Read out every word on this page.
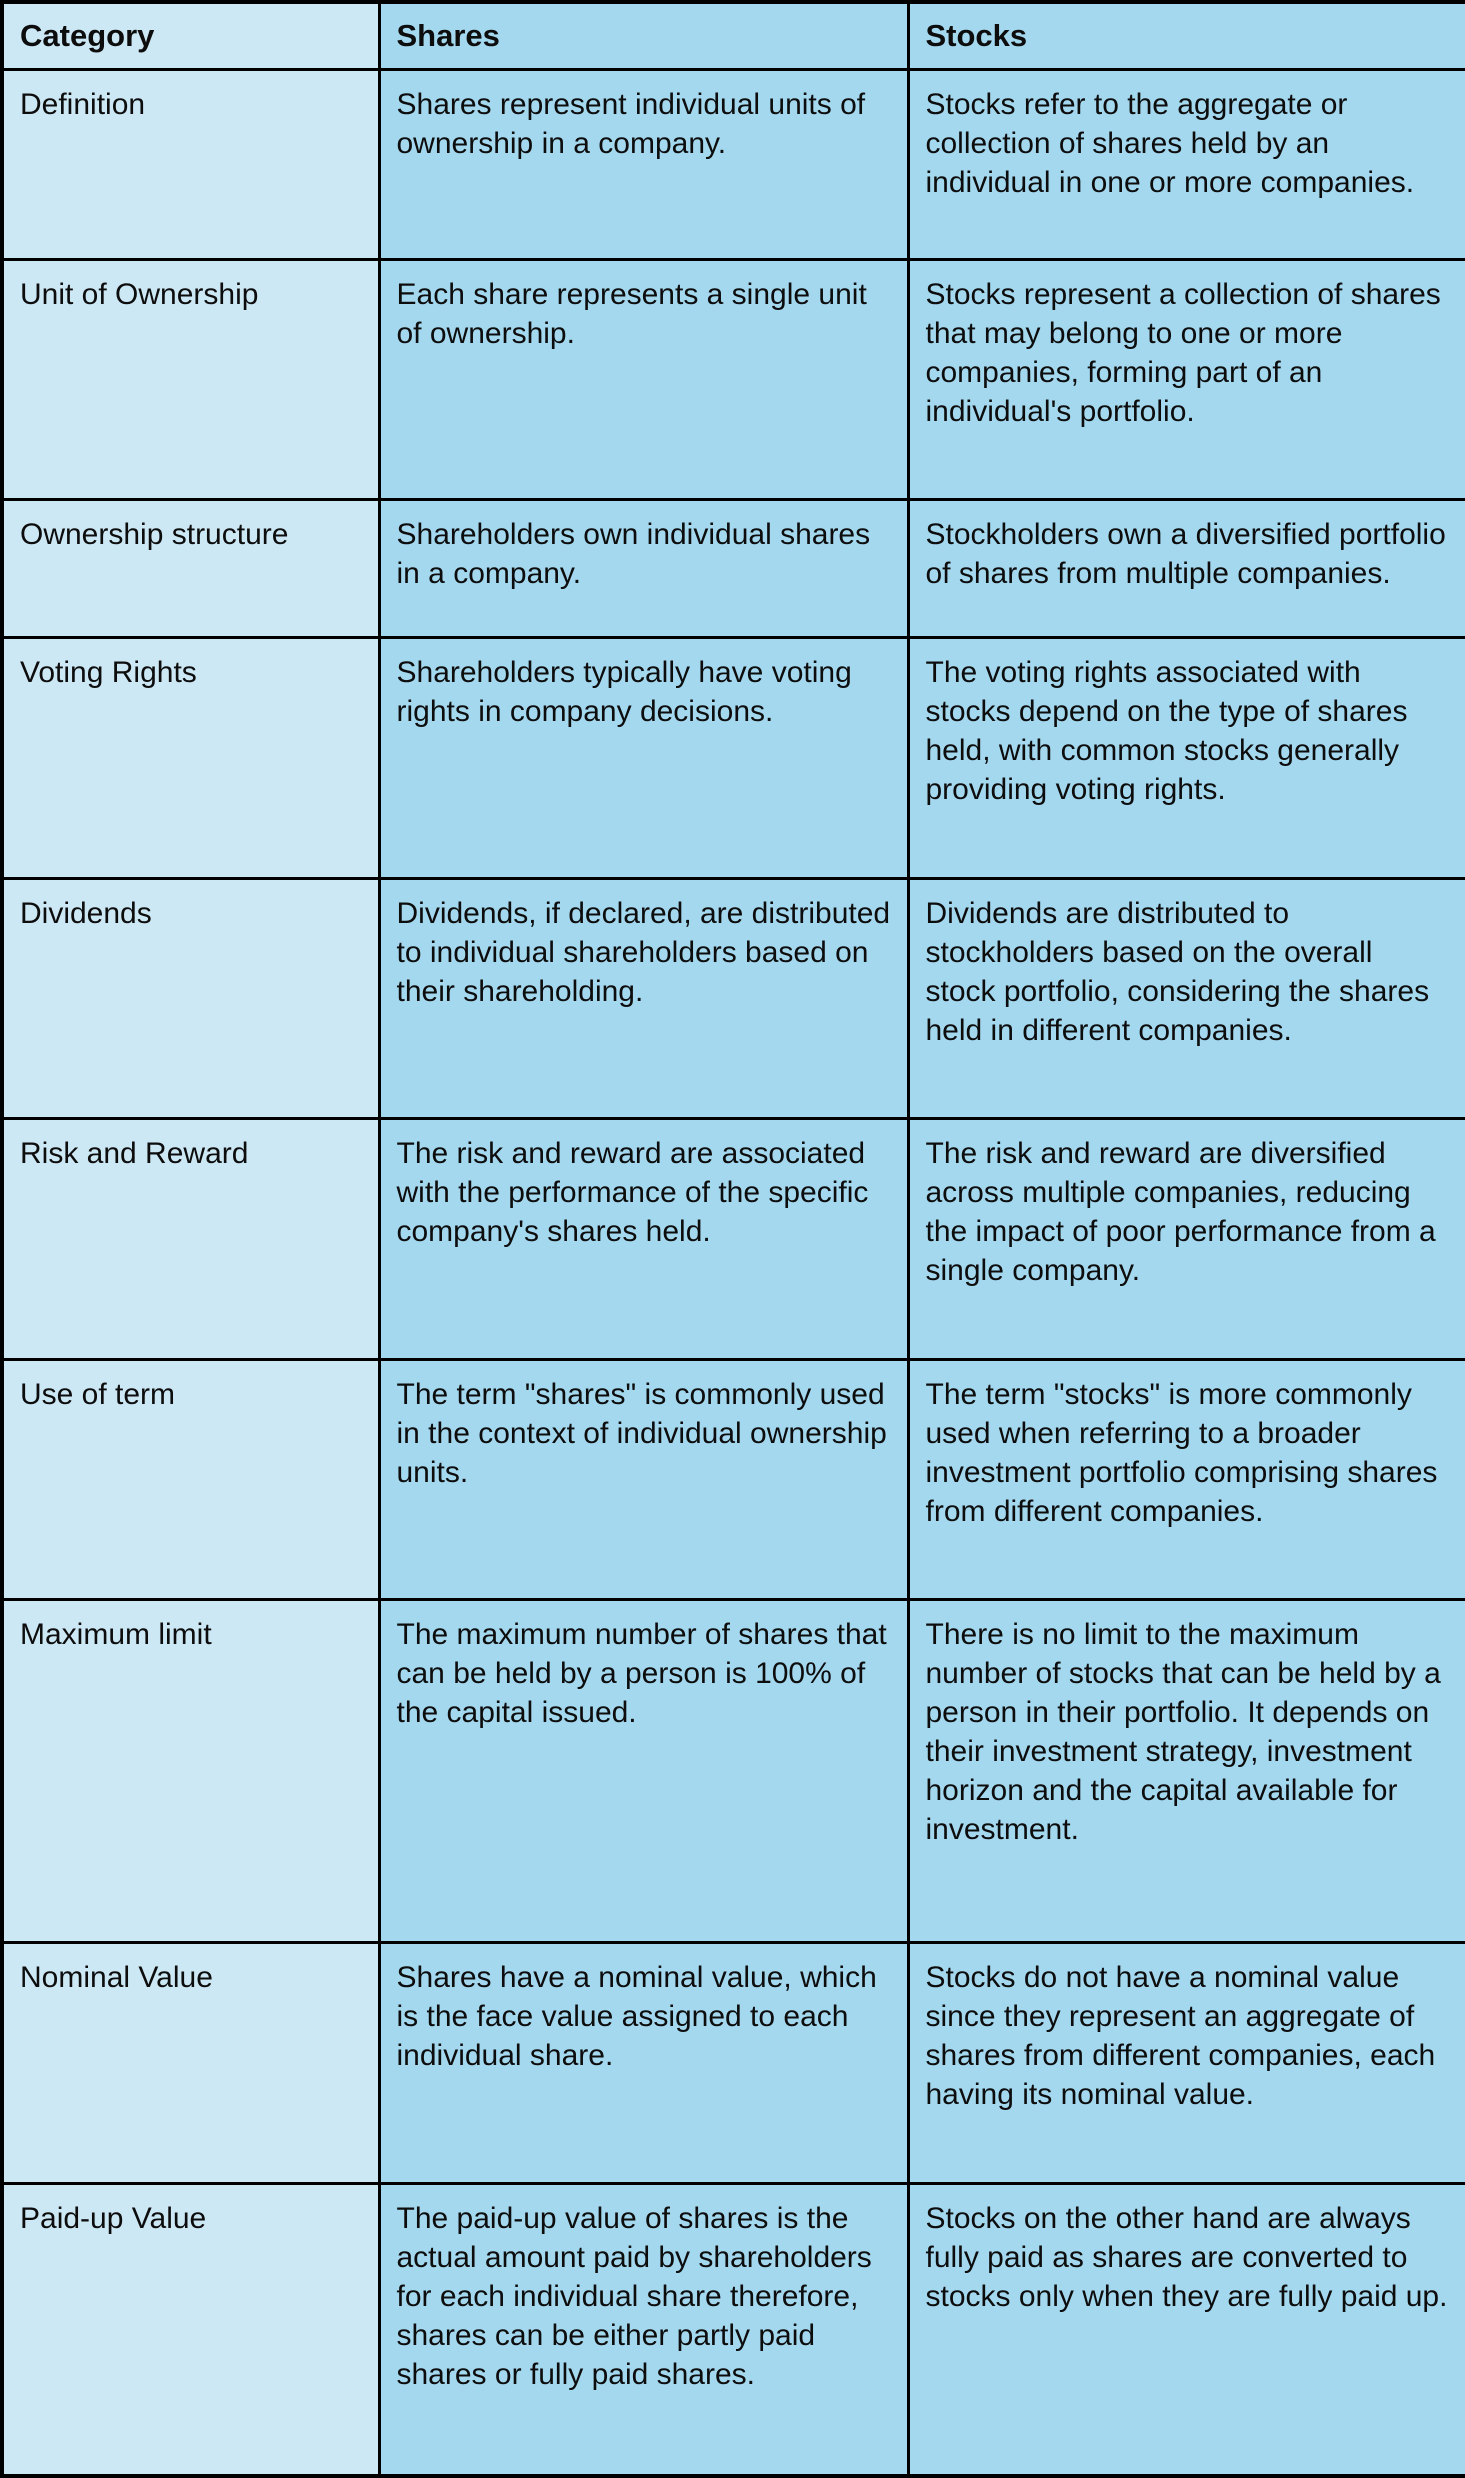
Category	Shares	Stocks
Definition	Shares represent individual units of ownership in a company.	Stocks refer to the aggregate or collection of shares held by an individual in one or more companies.
Unit of Ownership	Each share represents a single unit of ownership.	Stocks represent a collection of shares that may belong to one or more companies, forming part of an individual's portfolio.
Ownership structure	Shareholders own individual shares in a company.	Stockholders own a diversified portfolio of shares from multiple companies.
Voting Rights	Shareholders typically have voting rights in company decisions.	The voting rights associated with stocks depend on the type of shares held, with common stocks generally providing voting rights.
Dividends	Dividends, if declared, are distributed to individual shareholders based on their shareholding.	Dividends are distributed to stockholders based on the overall stock portfolio, considering the shares held in different companies.
Risk and Reward	The risk and reward are associated with the performance of the specific company's shares held.	The risk and reward are diversified across multiple companies, reducing the impact of poor performance from a single company.
Use of term	The term "shares" is commonly used in the context of individual ownership units.	The term "stocks" is more commonly used when referring to a broader investment portfolio comprising shares from different companies.
Maximum limit	The maximum number of shares that can be held by a person is 100% of the capital issued.	There is no limit to the maximum number of stocks that can be held by a person in their portfolio. It depends on their investment strategy, investment horizon and the capital available for investment.
Nominal Value	Shares have a nominal value, which is the face value assigned to each individual share.	Stocks do not have a nominal value since they represent an aggregate of shares from different companies, each having its nominal value.
Paid-up Value	The paid-up value of shares is the actual amount paid by shareholders for each individual share therefore, shares can be either partly paid shares or fully paid shares.	Stocks on the other hand are always fully paid as shares are converted to stocks only when they are fully paid up.
